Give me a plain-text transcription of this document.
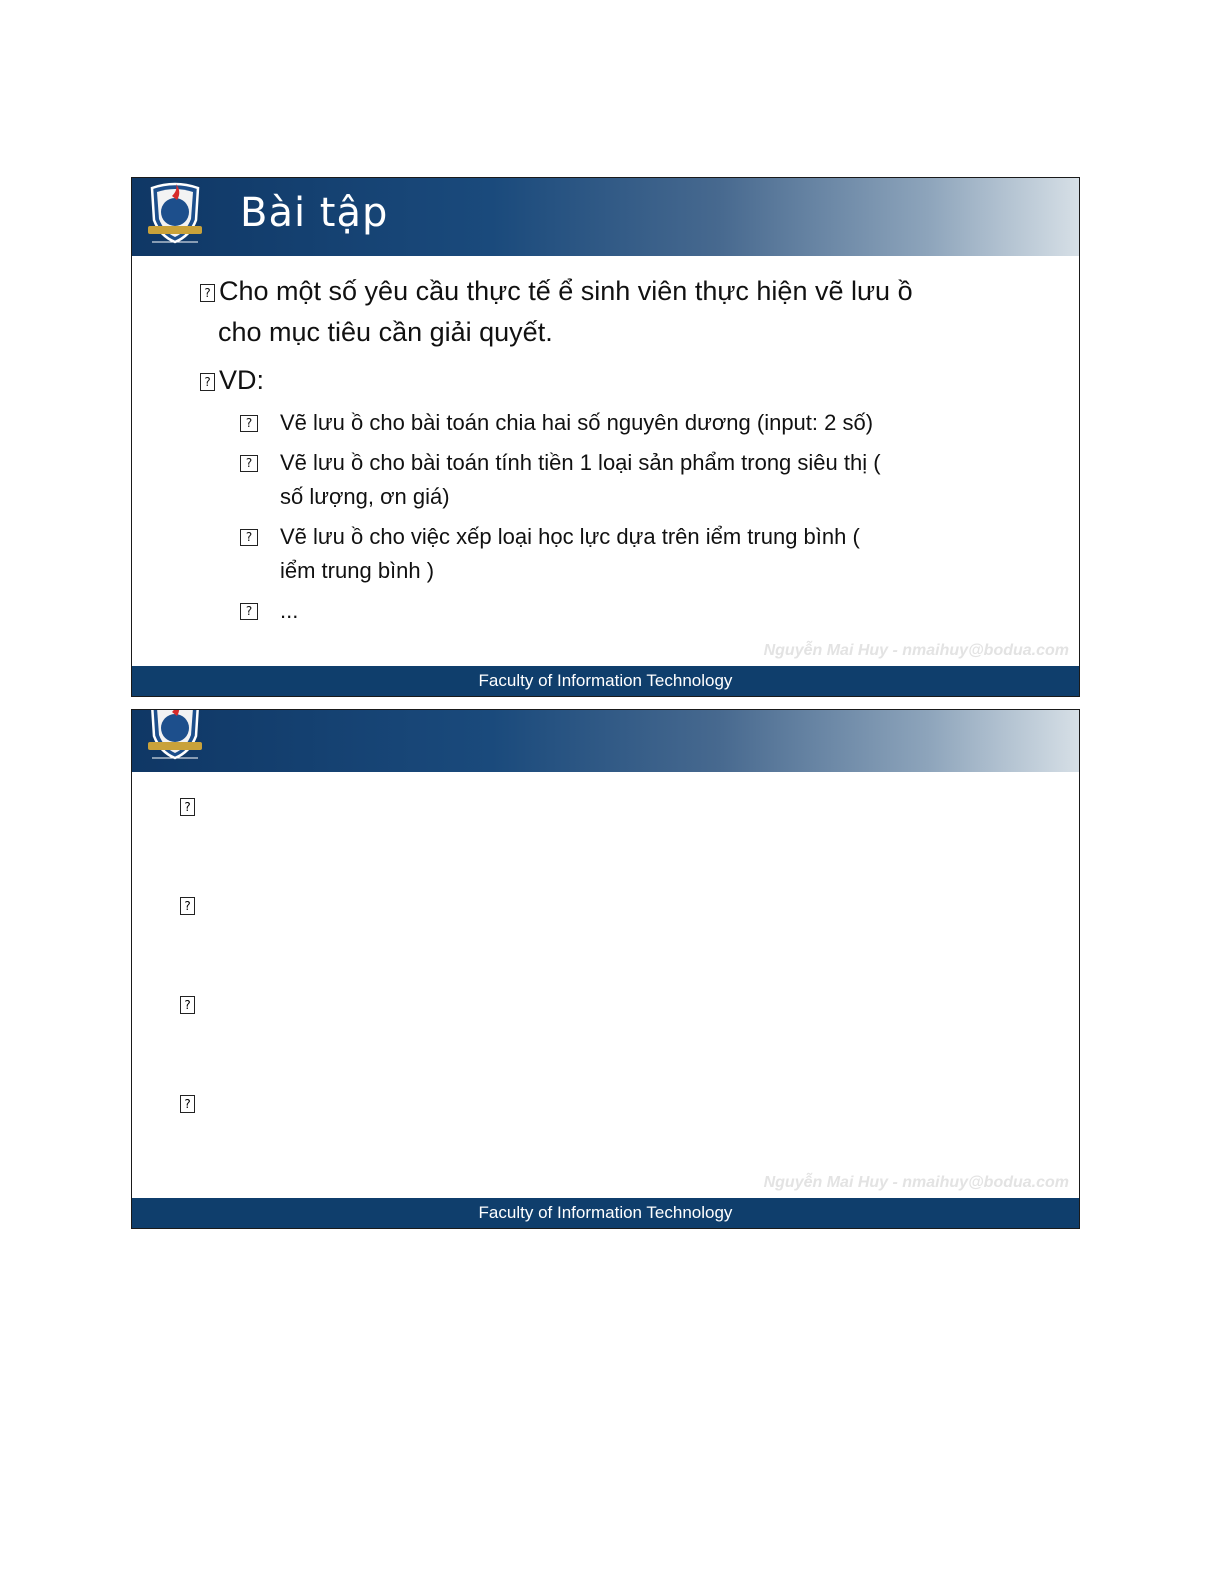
Bài tập
? Cho một số yêu cầu thực tế ể sinh viên thực hiện vẽ lưu ồ
cho mục tiêu cần giải quyết.
? VD:
? Vẽ lưu ồ cho bài toán chia hai số nguyên dương (input: 2 số)
? Vẽ lưu ồ cho bài toán tính tiền 1 loại sản phẩm trong siêu thị (
số lượng, ơn giá)
? Vẽ lưu ồ cho việc xếp loại học lực dựa trên iểm trung bình (
iểm trung bình )
? ...
Nguyễn Mai Huy - nmaihuy@bodua.com
Faculty of Information Technology
?
?
?
?
Nguyễn Mai Huy - nmaihuy@bodua.com
Faculty of Information Technology
